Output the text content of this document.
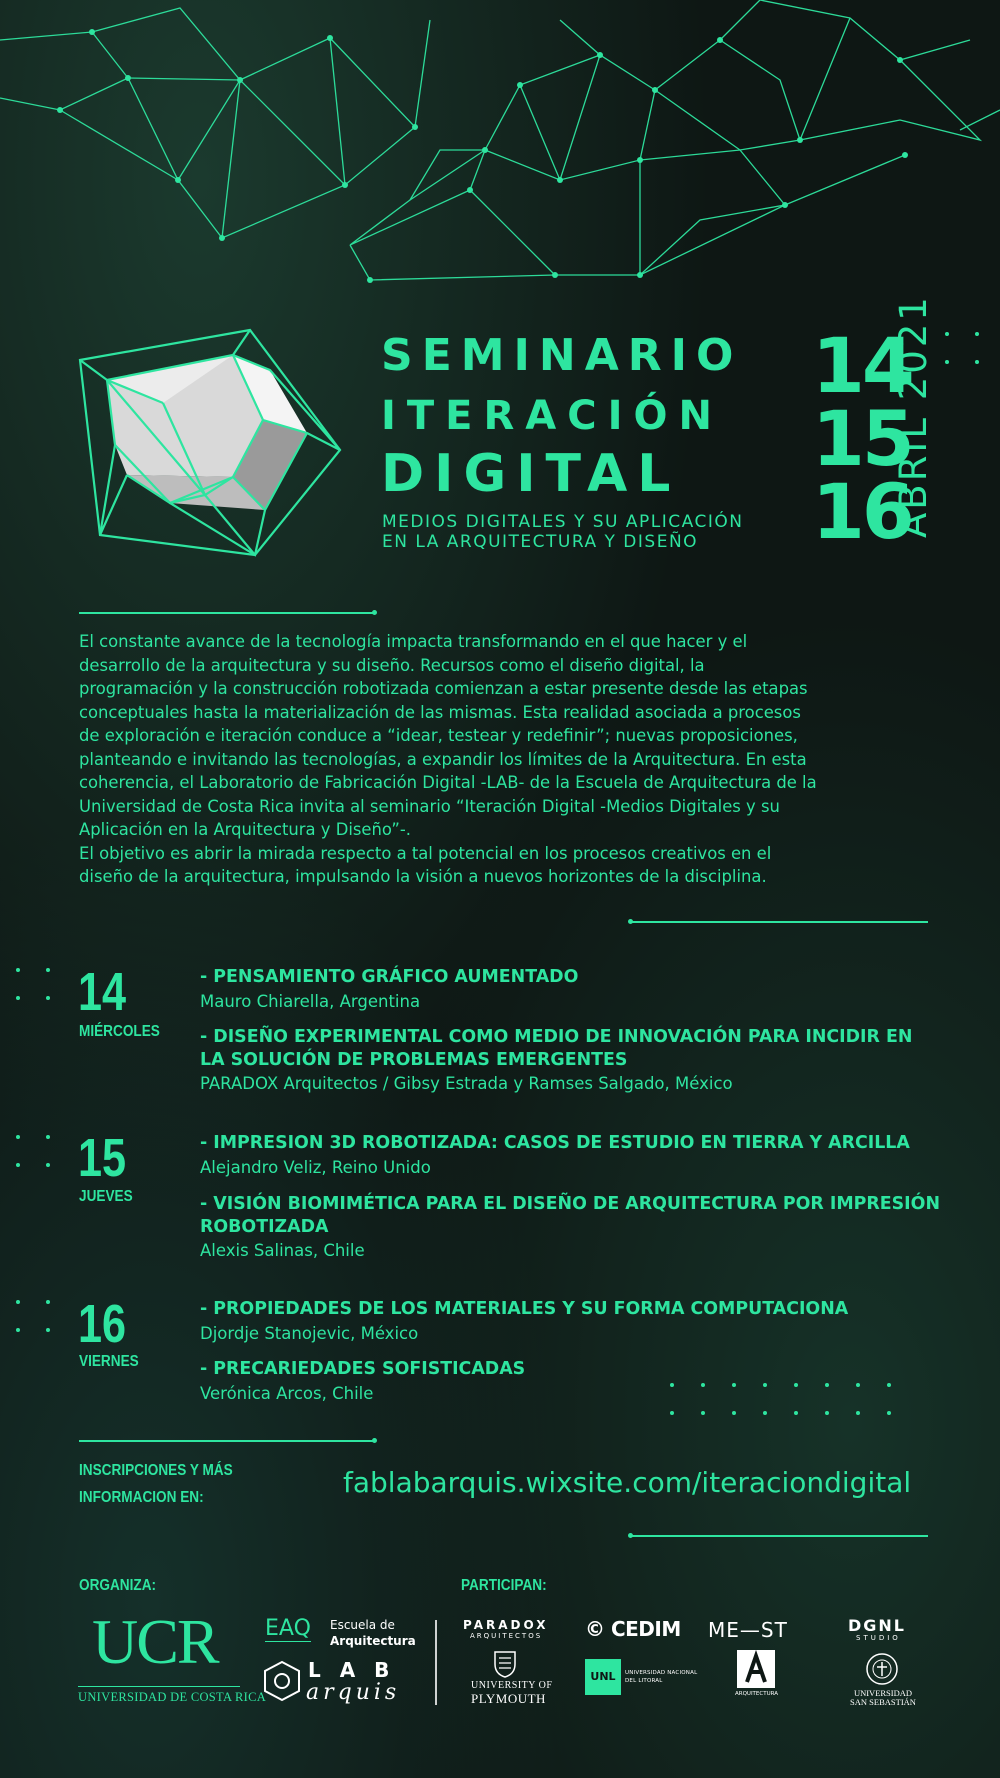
SEMINARIO
ITERACIÓN
DIGITAL
MEDIOS DIGITALES Y SU APLICACIÓN
EN LA ARQUITECTURA Y DISEÑO
14
15
16
ABRIL 2021
El constante avance de la tecnología impacta transformando en el que hacer y el
desarrollo de la arquitectura y su diseño. Recursos como el diseño digital, la
programación y la construcción robotizada comienzan a estar presente desde las etapas
conceptuales hasta la materialización de las mismas. Esta realidad asociada a procesos
de exploración e iteración conduce a “idear, testear y redefinir”; nuevas proposiciones,
planteando e invitando las tecnologías, a expandir los límites de la Arquitectura. En esta
coherencia, el Laboratorio de Fabricación Digital -LAB- de la Escuela de Arquitectura de la
Universidad de Costa Rica invita al seminario “Iteración Digital -Medios Digitales y su
Aplicación en la Arquitectura y Diseño”-.
El objetivo es abrir la mirada respecto a tal potencial en los procesos creativos en el
diseño de la arquitectura, impulsando la visión a nuevos horizontes de la disciplina.
14
MIÉRCOLES
- PENSAMIENTO GRÁFICO AUMENTADO
Mauro Chiarella, Argentina
- DISEÑO EXPERIMENTAL COMO MEDIO DE INNOVACIÓN PARA INCIDIR EN LA SOLUCIÓN DE PROBLEMAS EMERGENTES
PARADOX Arquitectos / Gibsy Estrada y Ramses Salgado, México
15
JUEVES
- IMPRESION 3D ROBOTIZADA: CASOS DE ESTUDIO EN TIERRA Y ARCILLA
Alejandro Veliz, Reino Unido
- VISIÓN BIOMIMÉTICA PARA EL DISEÑO DE ARQUITECTURA POR IMPRESIÓN ROBOTIZADA
Alexis Salinas, Chile
16
VIERNES
- PROPIEDADES DE LOS MATERIALES Y SU FORMA COMPUTACIONA
Djordje Stanojevic, México
- PRECARIEDADES SOFISTICADAS
Verónica Arcos, Chile
INSCRIPCIONES Y MÁS
INFORMACION EN:	fablabarquis.wixsite.com/iteraciondigital
ORGANIZA:	PARTICIPAN:
UCR
UNIVERSIDAD DE COSTA RICA
EAQ Escuela de
Arquitectura
L A B
arquis
PARADOX
ARQUITECTOS © CEDIM ME—ST	DGNL
STUDIO
UNIVERSITY OF
PLYMOUTH
UNL	UNIVERSIDAD NACIONAL
DEL LITORAL
ARQUITECTURA	UNIVERSIDAD
SAN SEBASTIÁN
